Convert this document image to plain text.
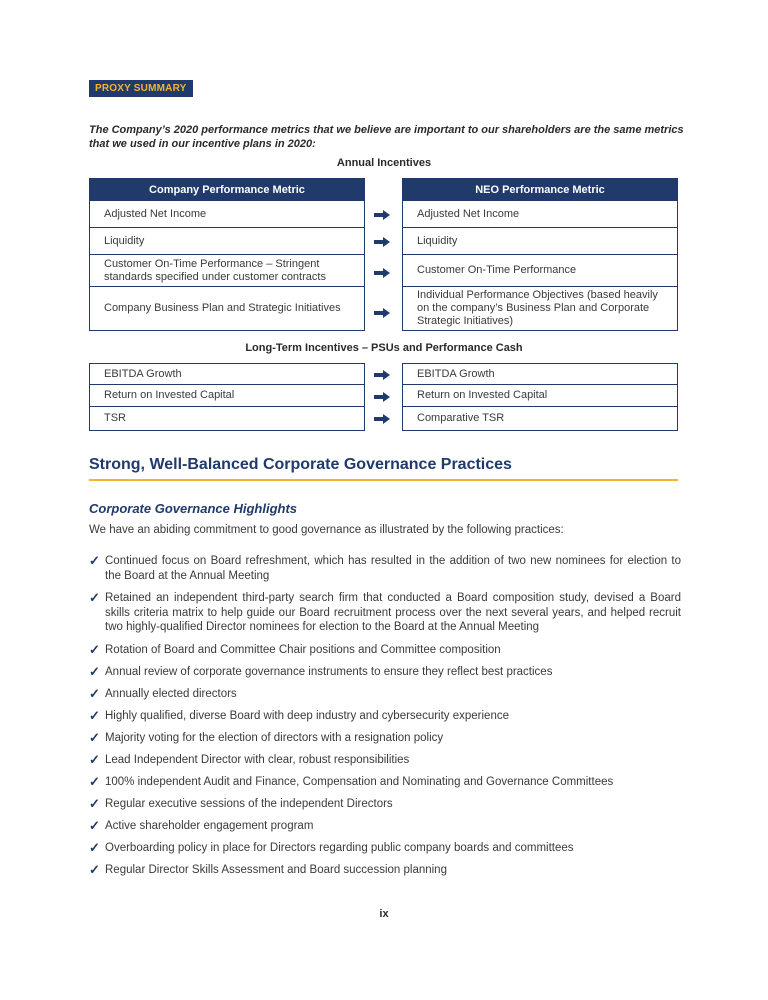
PROXY SUMMARY
The Company’s 2020 performance metrics that we believe are important to our shareholders are the same metrics that we used in our incentive plans in 2020:
Annual Incentives
Company Performance Metric
Adjusted Net Income
Liquidity
Customer On-Time Performance – Stringent standards specified under customer contracts
Company Business Plan and Strategic Initiatives
NEO Performance Metric
Adjusted Net Income
Liquidity
Customer On-Time Performance
Individual Performance Objectives (based heavily on the company’s Business Plan and Corporate Strategic Initiatives)
Long-Term Incentives – PSUs and Performance Cash
EBITDA Growth
Return on Invested Capital
TSR
EBITDA Growth
Return on Invested Capital
Comparative TSR
Strong, Well-Balanced Corporate Governance Practices
Corporate Governance Highlights
We have an abiding commitment to good governance as illustrated by the following practices:
✓ Continued focus on Board refreshment, which has resulted in the addition of two new nominees for election to the Board at the Annual Meeting
✓ Retained an independent third-party search firm that conducted a Board composition study, devised a Board skills criteria matrix to help guide our Board recruitment process over the next several years, and helped recruit two highly-qualified Director nominees for election to the Board at the Annual Meeting
✓ Rotation of Board and Committee Chair positions and Committee composition
✓ Annual review of corporate governance instruments to ensure they reflect best practices
✓ Annually elected directors
✓ Highly qualified, diverse Board with deep industry and cybersecurity experience
✓ Majority voting for the election of directors with a resignation policy
✓ Lead Independent Director with clear, robust responsibilities
✓ 100% independent Audit and Finance, Compensation and Nominating and Governance Committees
✓ Regular executive sessions of the independent Directors
✓ Active shareholder engagement program
✓ Overboarding policy in place for Directors regarding public company boards and committees
✓ Regular Director Skills Assessment and Board succession planning
ix
